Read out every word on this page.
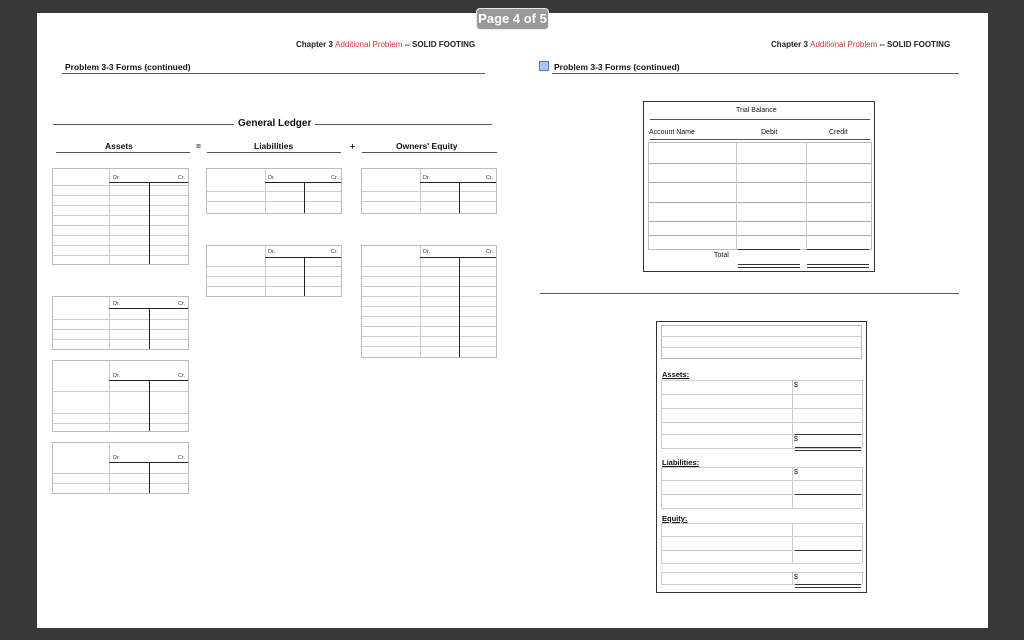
Page 4 of 5
Chapter 3 Additional Problem -- SOLID FOOTING
Problem 3-3 Forms (continued)
General Ledger
Assets	=	Liabilities	+	Owners' Equity
Dr.	Cr.
Dr.	Cr.
Dr.	Cr.
Dr.	Cr.
Dr.	Cr.
Dr.	Cr.
Dr.	Cr.
Dr.	Cr.
Chapter 3 Additional Problem -- SOLID FOOTING
Problem 3-3 Forms (continued)
Trial Balance
Account Name	Debit	Credit
Total
Assets:
$
$
Liabilities:
$
Equity:
$
